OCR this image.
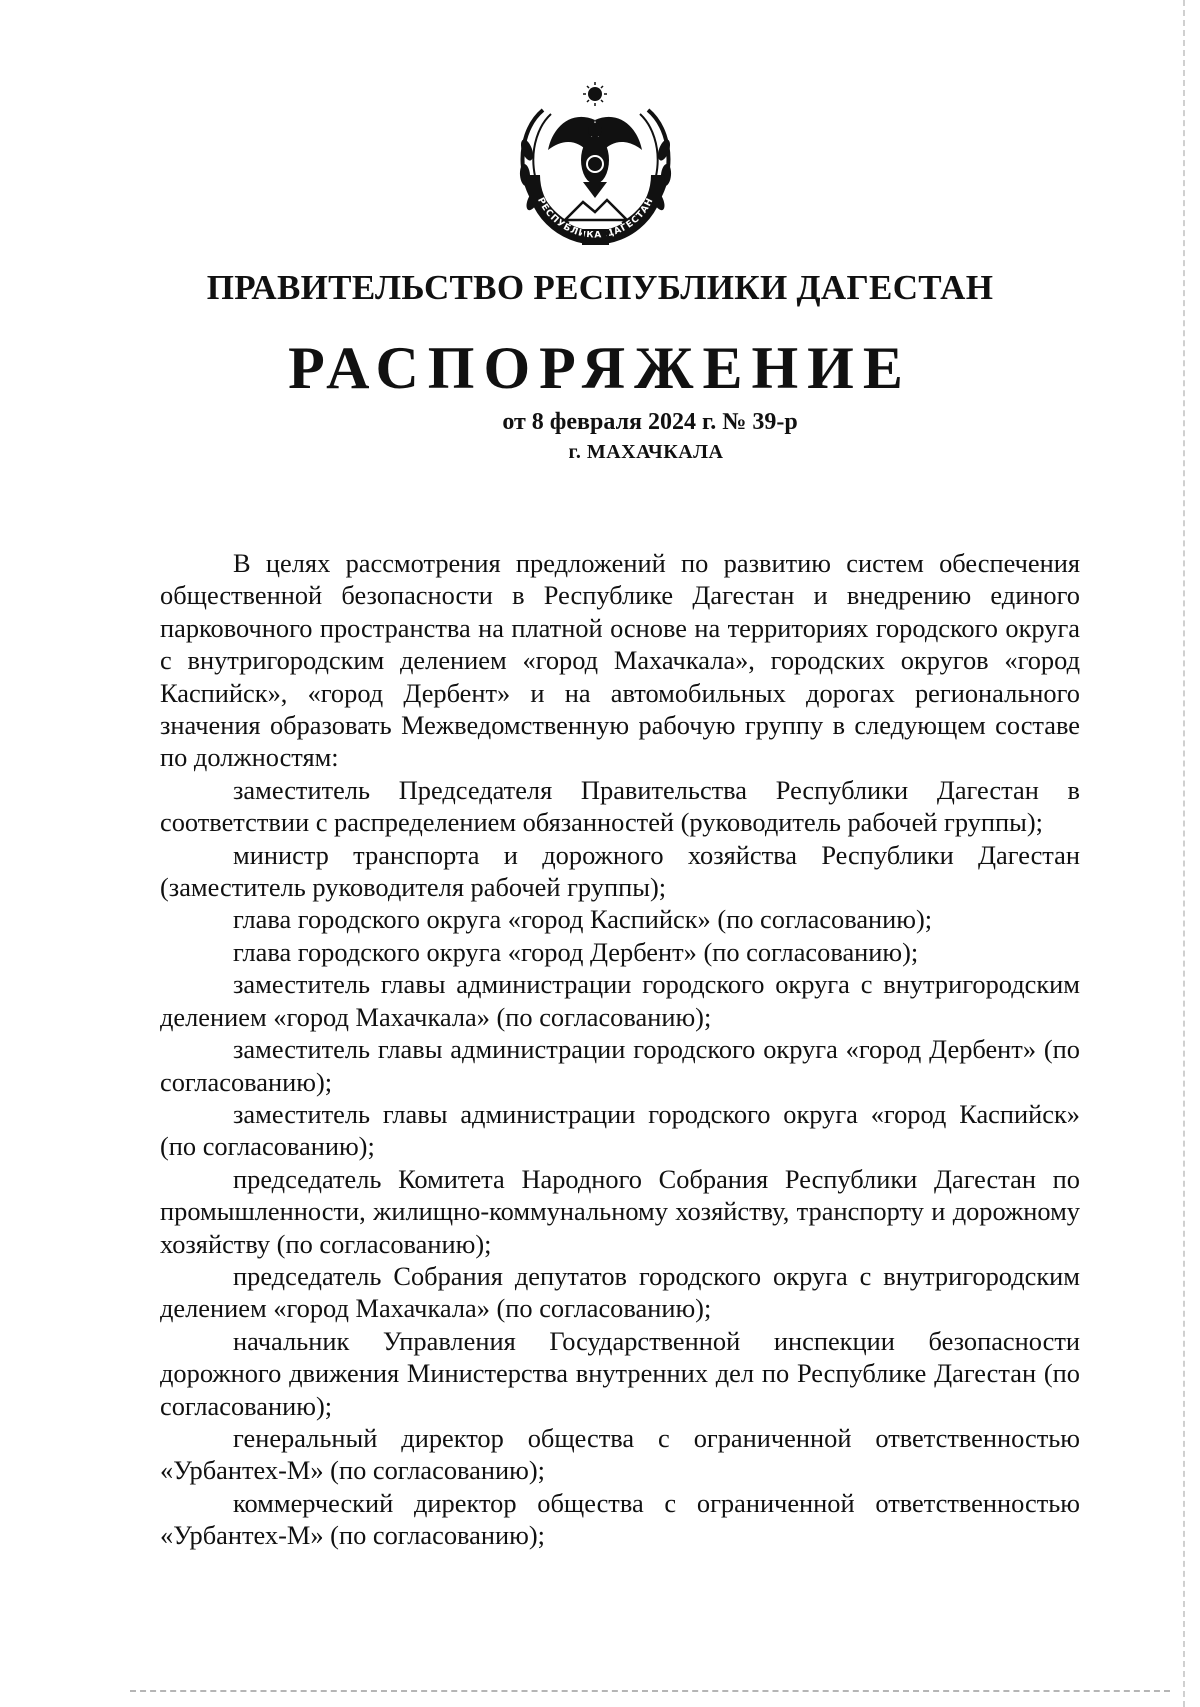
РЕСПУБЛИКА ДАГЕСТАН
ПРАВИТЕЛЬСТВО РЕСПУБЛИКИ ДАГЕСТАН
РАСПОРЯЖЕНИЕ
от 8 февраля 2024 г. № 39-р
г. МАХАЧКАЛА

В целях рассмотрения предложений по развитию систем обеспечения общественной безопасности в Республике Дагестан и внедрению единого парковочного пространства на платной основе на территориях городского округа с внутригородским делением «город Махачкала», городских округов «город Каспийск», «город Дербент» и на автомобильных дорогах регионального значения образовать Межведомственную рабочую группу в следующем составе по должностям:

заместитель Председателя Правительства Республики Дагестан в соответствии с распределением обязанностей (руководитель рабочей группы);

министр транспорта и дорожного хозяйства Республики Дагестан (заместитель руководителя рабочей группы);

глава городского округа «город Каспийск» (по согласованию);

глава городского округа «город Дербент» (по согласованию);

заместитель главы администрации городского округа с внутригородским делением «город Махачкала» (по согласованию);

заместитель главы администрации городского округа «город Дербент» (по согласованию);

заместитель главы администрации городского округа «город Каспийск» (по согласованию);

председатель Комитета Народного Собрания Республики Дагестан по промышленности, жилищно-коммунальному хозяйству, транспорту и дорожному хозяйству (по согласованию);

председатель Собрания депутатов городского округа с внутригородским делением «город Махачкала» (по согласованию);

начальник Управления Государственной инспекции безопасности дорожного движения Министерства внутренних дел по Республике Дагестан (по согласованию);

генеральный директор общества с ограниченной ответственностью «Урбантех-М» (по согласованию);

коммерческий директор общества с ограниченной ответственностью «Урбантех-М» (по согласованию);
